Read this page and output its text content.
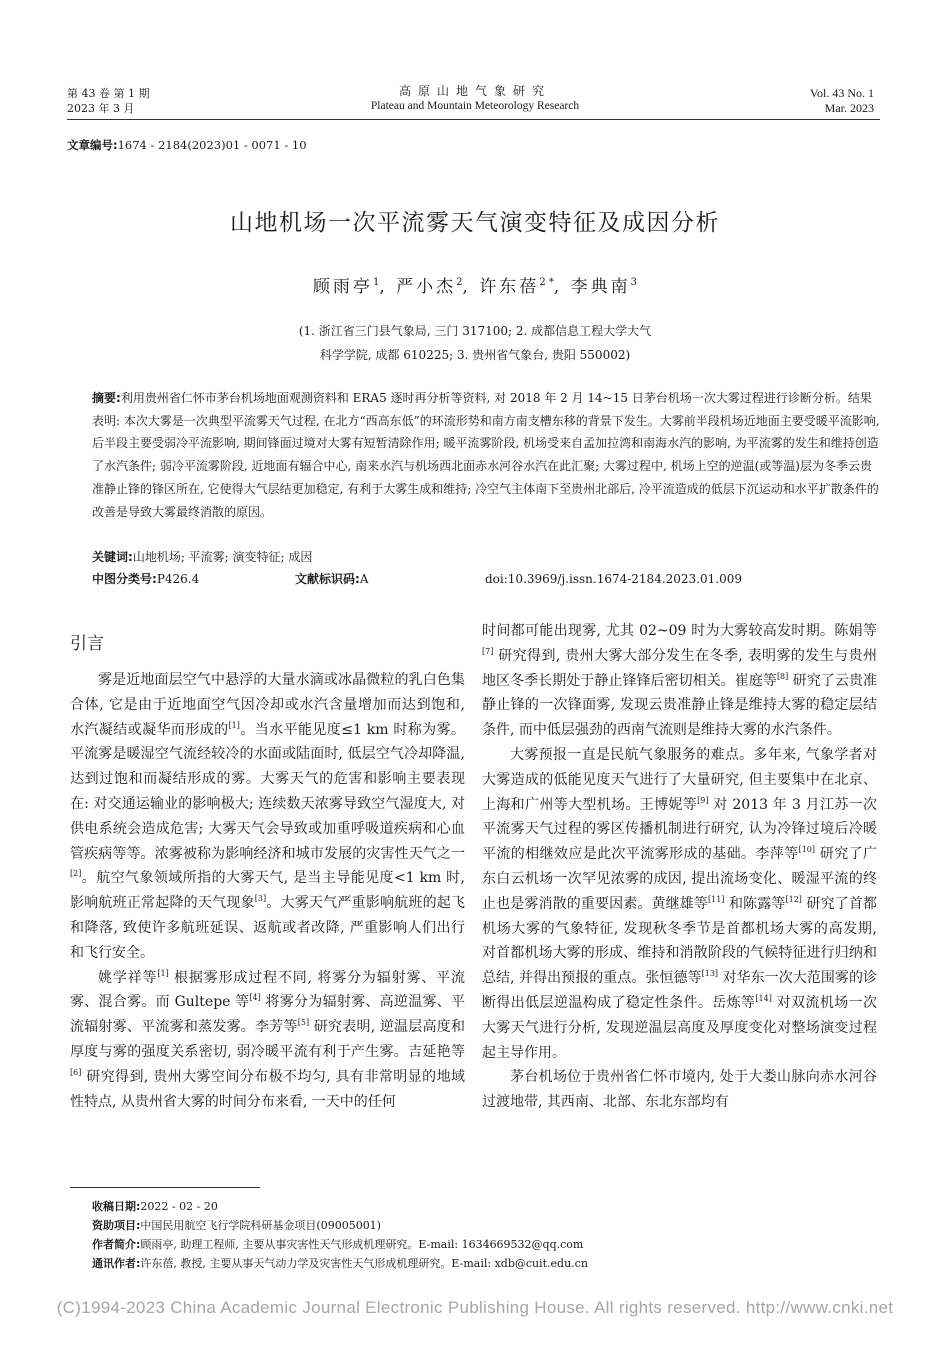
第 43 卷 第 1 期
2023 年 3 月
高原山地气象研究
Plateau and Mountain Meteorology Research
Vol. 43 No. 1
Mar. 2023
文章编号:1674 - 2184(2023)01 - 0071 - 10
山地机场一次平流雾天气演变特征及成因分析
顾雨亭$^1$, 严小杰$^2$, 许东蓓$^{2 *}$, 李典南$^3$
(1. 浙江省三门县气象局, 三门 317100; 2. 成都信息工程大学大气
科学学院, 成都 610225; 3. 贵州省气象台, 贵阳 550002)
摘要:利用贵州省仁怀市茅台机场地面观测资料和 ERA5 逐时再分析等资料, 对 2018 年 2 月 14~15 日茅台机场一次大雾过程进行诊断分析。结果表明: 本次大雾是一次典型平流雾天气过程, 在北方“西高东低”的环流形势和南方南支槽东移的背景下发生。大雾前半段机场近地面主要受暖平流影响, 后半段主要受弱冷平流影响, 期间锋面过境对大雾有短暂清除作用; 暖平流雾阶段, 机场受来自孟加拉湾和南海水汽的影响, 为平流雾的发生和维持创造了水汽条件; 弱冷平流雾阶段, 近地面有辐合中心, 南来水汽与机场西北面赤水河谷水汽在此汇聚; 大雾过程中, 机场上空的逆温(或等温)层为冬季云贵准静止锋的锋区所在, 它使得大气层结更加稳定, 有利于大雾生成和维持; 冷空气主体南下至贵州北部后, 冷平流造成的低层下沉运动和水平扩散条件的改善是导致大雾最终消散的原因。
关键词:山地机场; 平流雾; 演变特征; 成因
中图分类号:P426.4	文献标识码:A	doi:10.3969/j.issn.1674-2184.2023.01.009
引言

雾是近地面层空气中悬浮的大量水滴或冰晶微粒的乳白色集合体, 它是由于近地面空气因冷却或水汽含量增加而达到饱和, 水汽凝结或凝华而形成的[1]。当水平能见度≤1 km 时称为雾。平流雾是暖湿空气流经较冷的水面或陆面时, 低层空气冷却降温, 达到过饱和而凝结形成的雾。大雾天气的危害和影响主要表现在: 对交通运输业的影响极大; 连续数天浓雾导致空气湿度大, 对供电系统会造成危害; 大雾天气会导致或加重呼吸道疾病和心血管疾病等等。浓雾被称为影响经济和城市发展的灾害性天气之一[2]。航空气象领域所指的大雾天气, 是当主导能见度<1 km 时, 影响航班正常起降的天气现象[3]。大雾天气严重影响航班的起飞和降落, 致使许多航班延误、返航或者改降, 严重影响人们出行和飞行安全。

姚学祥等[1] 根据雾形成过程不同, 将雾分为辐射雾、平流雾、混合雾。而 Gultepe 等[4] 将雾分为辐射雾、高逆温雾、平流辐射雾、平流雾和蒸发雾。李芳等[5] 研究表明, 逆温层高度和厚度与雾的强度关系密切, 弱冷暖平流有利于产生雾。吉延艳等[6] 研究得到, 贵州大雾空间分布极不均匀, 具有非常明显的地域性特点, 从贵州省大雾的时间分布来看, 一天中的任何

时间都可能出现雾, 尤其 02~09 时为大雾较高发时期。陈娟等[7] 研究得到, 贵州大雾大部分发生在冬季, 表明雾的发生与贵州地区冬季长期处于静止锋锋后密切相关。崔庭等[8] 研究了云贵准静止锋的一次锋面雾, 发现云贵准静止锋是维持大雾的稳定层结条件, 而中低层强劲的西南气流则是维持大雾的水汽条件。

大雾预报一直是民航气象服务的难点。多年来, 气象学者对大雾造成的低能见度天气进行了大量研究, 但主要集中在北京、上海和广州等大型机场。王博妮等[9] 对 2013 年 3 月江苏一次平流雾天气过程的雾区传播机制进行研究, 认为冷锋过境后冷暖平流的相继效应是此次平流雾形成的基础。李萍等[10] 研究了广东白云机场一次罕见浓雾的成因, 提出流场变化、暖湿平流的终止也是雾消散的重要因素。黄继雄等[11] 和陈露等[12] 研究了首都机场大雾的气象特征, 发现秋冬季节是首都机场大雾的高发期, 对首都机场大雾的形成、维持和消散阶段的气候特征进行归纳和总结, 并得出预报的重点。张恒德等[13] 对华东一次大范围雾的诊断得出低层逆温构成了稳定性条件。岳炼等[14] 对双流机场一次大雾天气进行分析, 发现逆温层高度及厚度变化对整场演变过程起主导作用。

茅台机场位于贵州省仁怀市境内, 处于大娄山脉向赤水河谷过渡地带, 其西南、北部、东北东部均有

收稿日期:2022 - 02 - 20
资助项目:中国民用航空飞行学院科研基金项目(09005001)
作者简介:顾雨亭, 助理工程师, 主要从事灾害性天气形成机理研究。E-mail: 1634669532@qq.com
通讯作者:许东蓓, 教授, 主要从事天气动力学及灾害性天气形成机理研究。E-mail: xdb@cuit.edu.cn
(C)1994-2023 China Academic Journal Electronic Publishing House. All rights reserved. http://www.cnki.net
